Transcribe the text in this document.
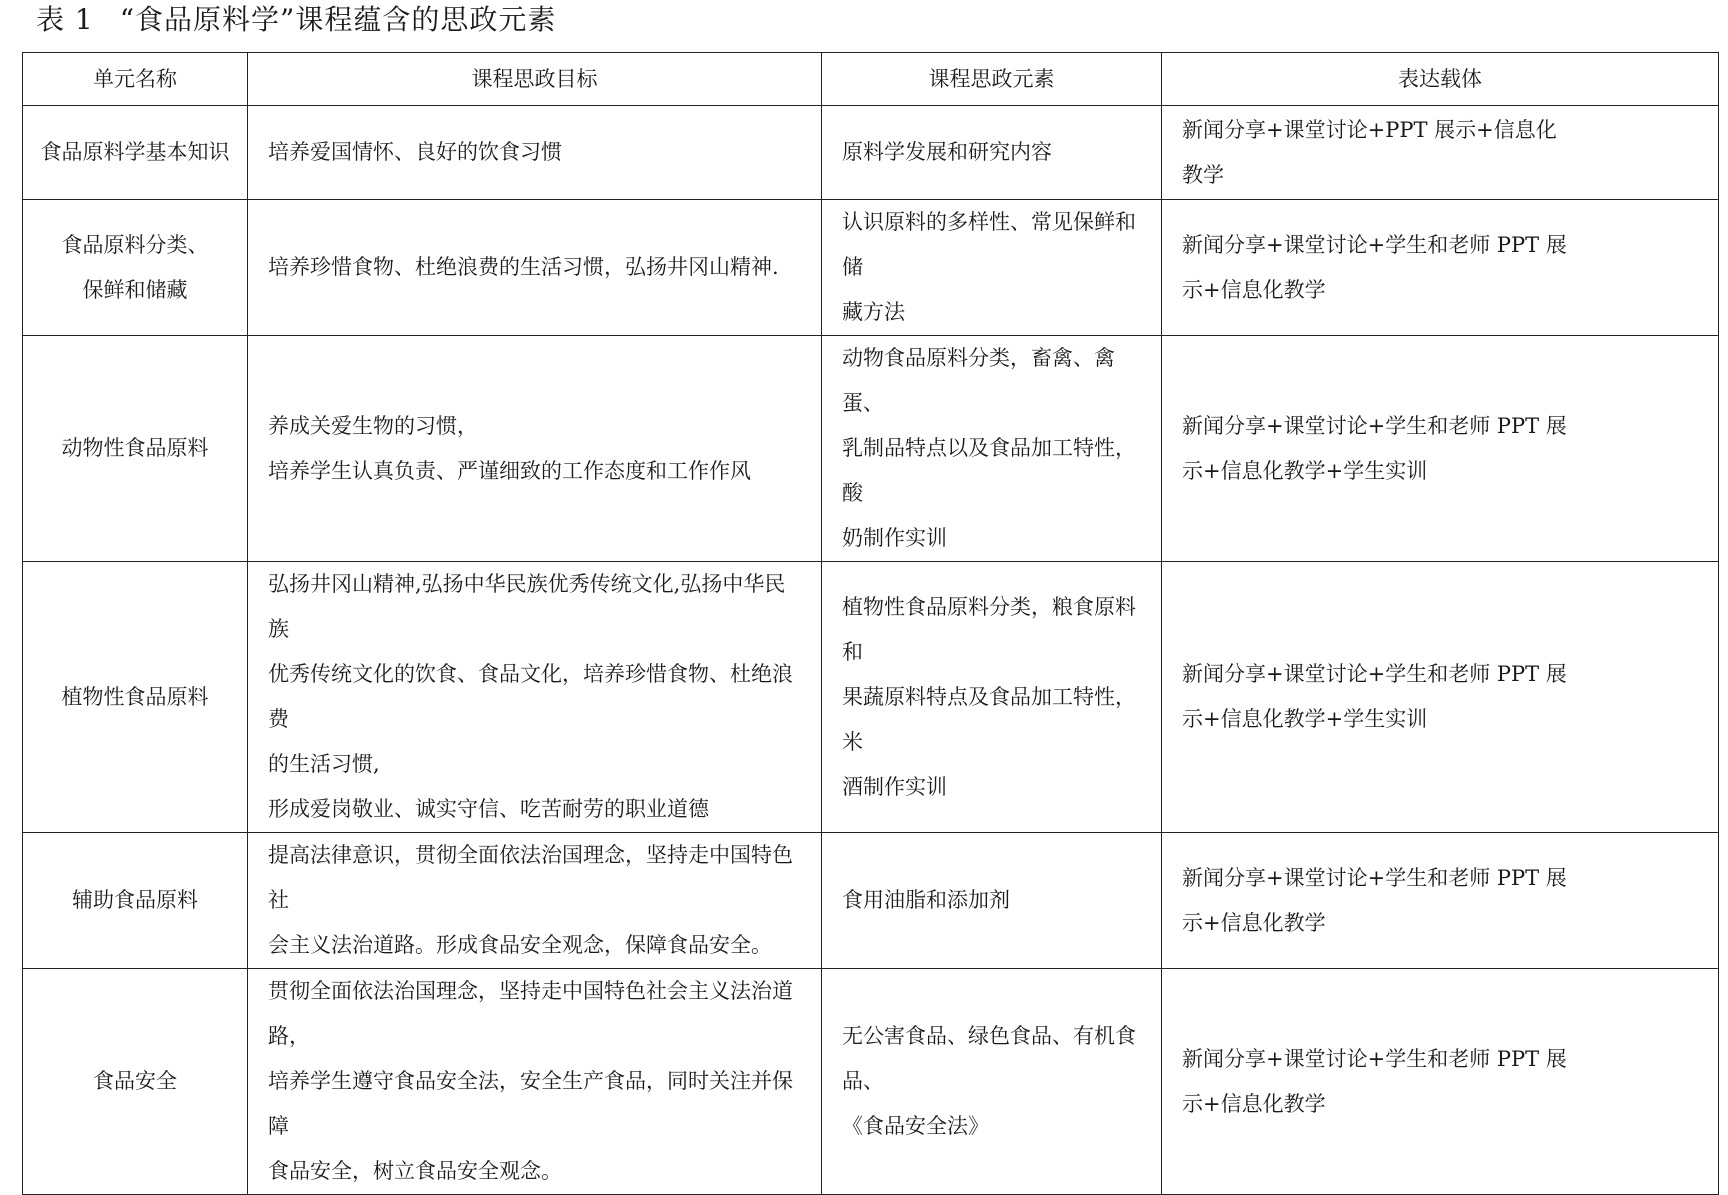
表 1 “食品原料学”课程蕴含的思政元素
单元名称	课程思政目标	课程思政元素	表达载体

食品原料学基本知识	培养爱国情怀、良好的饮食习惯	原料学发展和研究内容	新闻分享+课堂讨论+PPT 展示+信息化
教学

食品原料分类、
保鲜和储藏	培养珍惜食物、杜绝浪费的生活习惯，弘扬井冈山精神.	认识原料的多样性、常见保鲜和储
藏方法	新闻分享+课堂讨论+学生和老师 PPT 展
示+信息化教学

动物性食品原料	养成关爱生物的习惯，
培养学生认真负责、严谨细致的工作态度和工作作风	动物食品原料分类，畜禽、禽蛋、
乳制品特点以及食品加工特性，酸
奶制作实训	新闻分享+课堂讨论+学生和老师 PPT 展
示+信息化教学+学生实训

植物性食品原料	弘扬井冈山精神,弘扬中华民族优秀传统文化,弘扬中华民族
优秀传统文化的饮食、食品文化，培养珍惜食物、杜绝浪费
的生活习惯,
形成爱岗敬业、诚实守信、吃苦耐劳的职业道德	植物性食品原料分类，粮食原料和
果蔬原料特点及食品加工特性，米
酒制作实训	新闻分享+课堂讨论+学生和老师 PPT 展
示+信息化教学+学生实训

辅助食品原料	提高法律意识，贯彻全面依法治国理念，坚持走中国特色社
会主义法治道路。形成食品安全观念，保障食品安全。	食用油脂和添加剂	新闻分享+课堂讨论+学生和老师 PPT 展
示+信息化教学

食品安全	贯彻全面依法治国理念，坚持走中国特色社会主义法治道路，
培养学生遵守食品安全法，安全生产食品，同时关注并保障
食品安全，树立食品安全观念。	无公害食品、绿色食品、有机食品、
《食品安全法》	新闻分享+课堂讨论+学生和老师 PPT 展
示+信息化教学
